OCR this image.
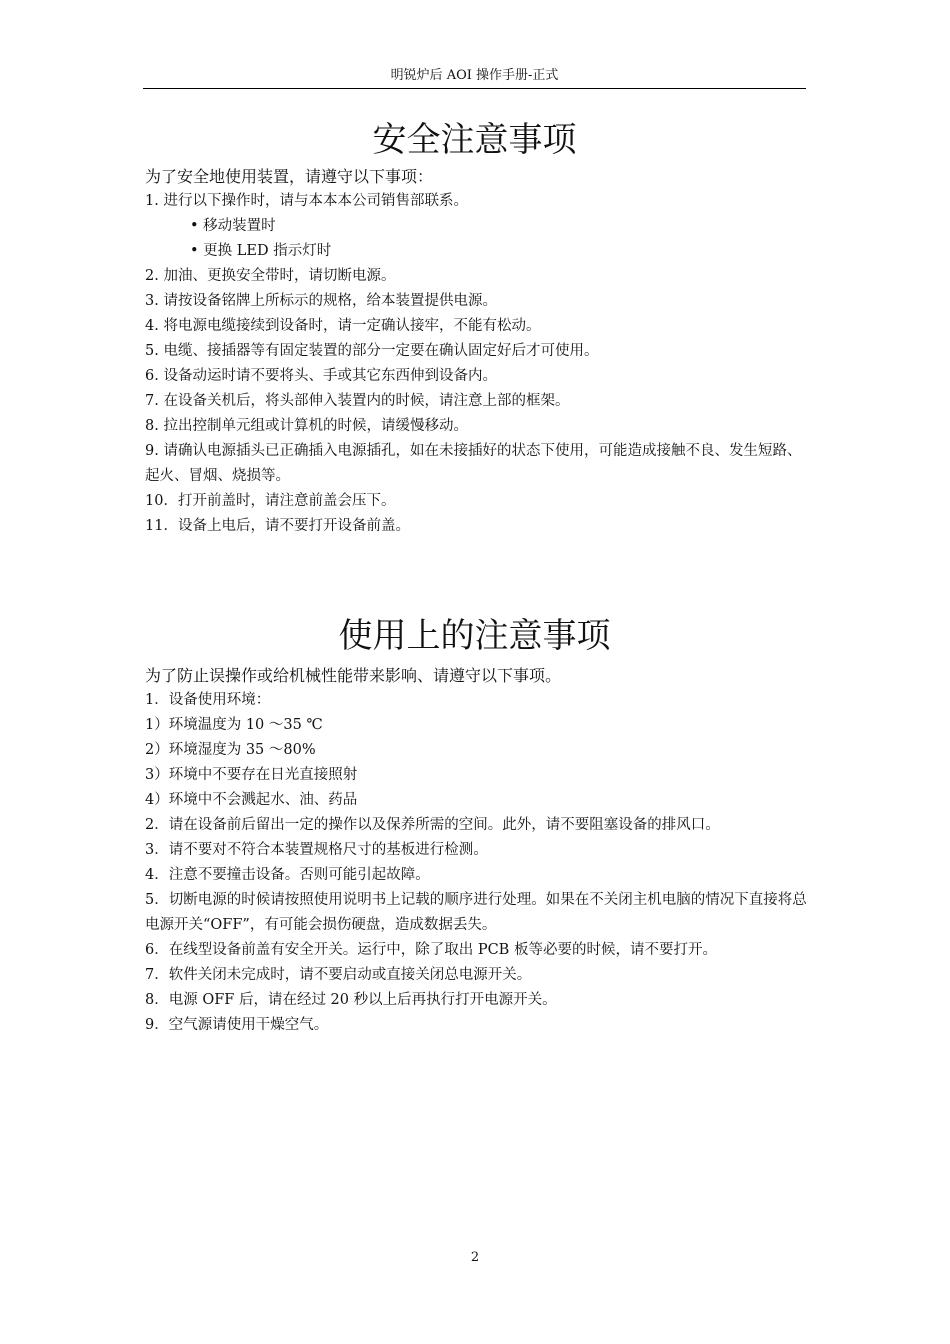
明锐炉后 AOI 操作手册-正式
安全注意事项
为了安全地使用装置，请遵守以下事项：
1. 进行以下操作时，请与本本本公司销售部联系。
• 移动装置时
• 更换 LED 指示灯时
2. 加油、更换安全带时，请切断电源。
3. 请按设备铭牌上所标示的规格，给本装置提供电源。
4. 将电源电缆接续到设备时，请一定确认接牢，不能有松动。
5. 电缆、接插器等有固定装置的部分一定要在确认固定好后才可使用。
6. 设备动运时请不要将头、手或其它东西伸到设备内。
7. 在设备关机后，将头部伸入装置内的时候，请注意上部的框架。
8. 拉出控制单元组或计算机的时候，请缓慢移动。
9. 请确认电源插头已正确插入电源插孔，如在未接插好的状态下使用，可能造成接触不良、发生短路、起火、冒烟、烧损等。
10．打开前盖时，请注意前盖会压下。
11．设备上电后，请不要打开设备前盖。
使用上的注意事项
为了防止误操作或给机械性能带来影响、请遵守以下事项。
1．设备使用环境：
1）环境温度为 10 ～35 ℃
2）环境湿度为 35 ～80%
3）环境中不要存在日光直接照射
4）环境中不会溅起水、油、药品
2．请在设备前后留出一定的操作以及保养所需的空间。此外，请不要阻塞设备的排风口。
3．请不要对不符合本装置规格尺寸的基板进行检测。
4．注意不要撞击设备。否则可能引起故障。
5．切断电源的时候请按照使用说明书上记载的顺序进行处理。如果在不关闭主机电脑的情况下直接将总电源开关“OFF”，有可能会损伤硬盘，造成数据丢失。
6．在线型设备前盖有安全开关。运行中，除了取出 PCB 板等必要的时候，请不要打开。
7．软件关闭未完成时，请不要启动或直接关闭总电源开关。
8．电源 OFF 后，请在经过 20 秒以上后再执行打开电源开关。
9．空气源请使用干燥空气。
2
